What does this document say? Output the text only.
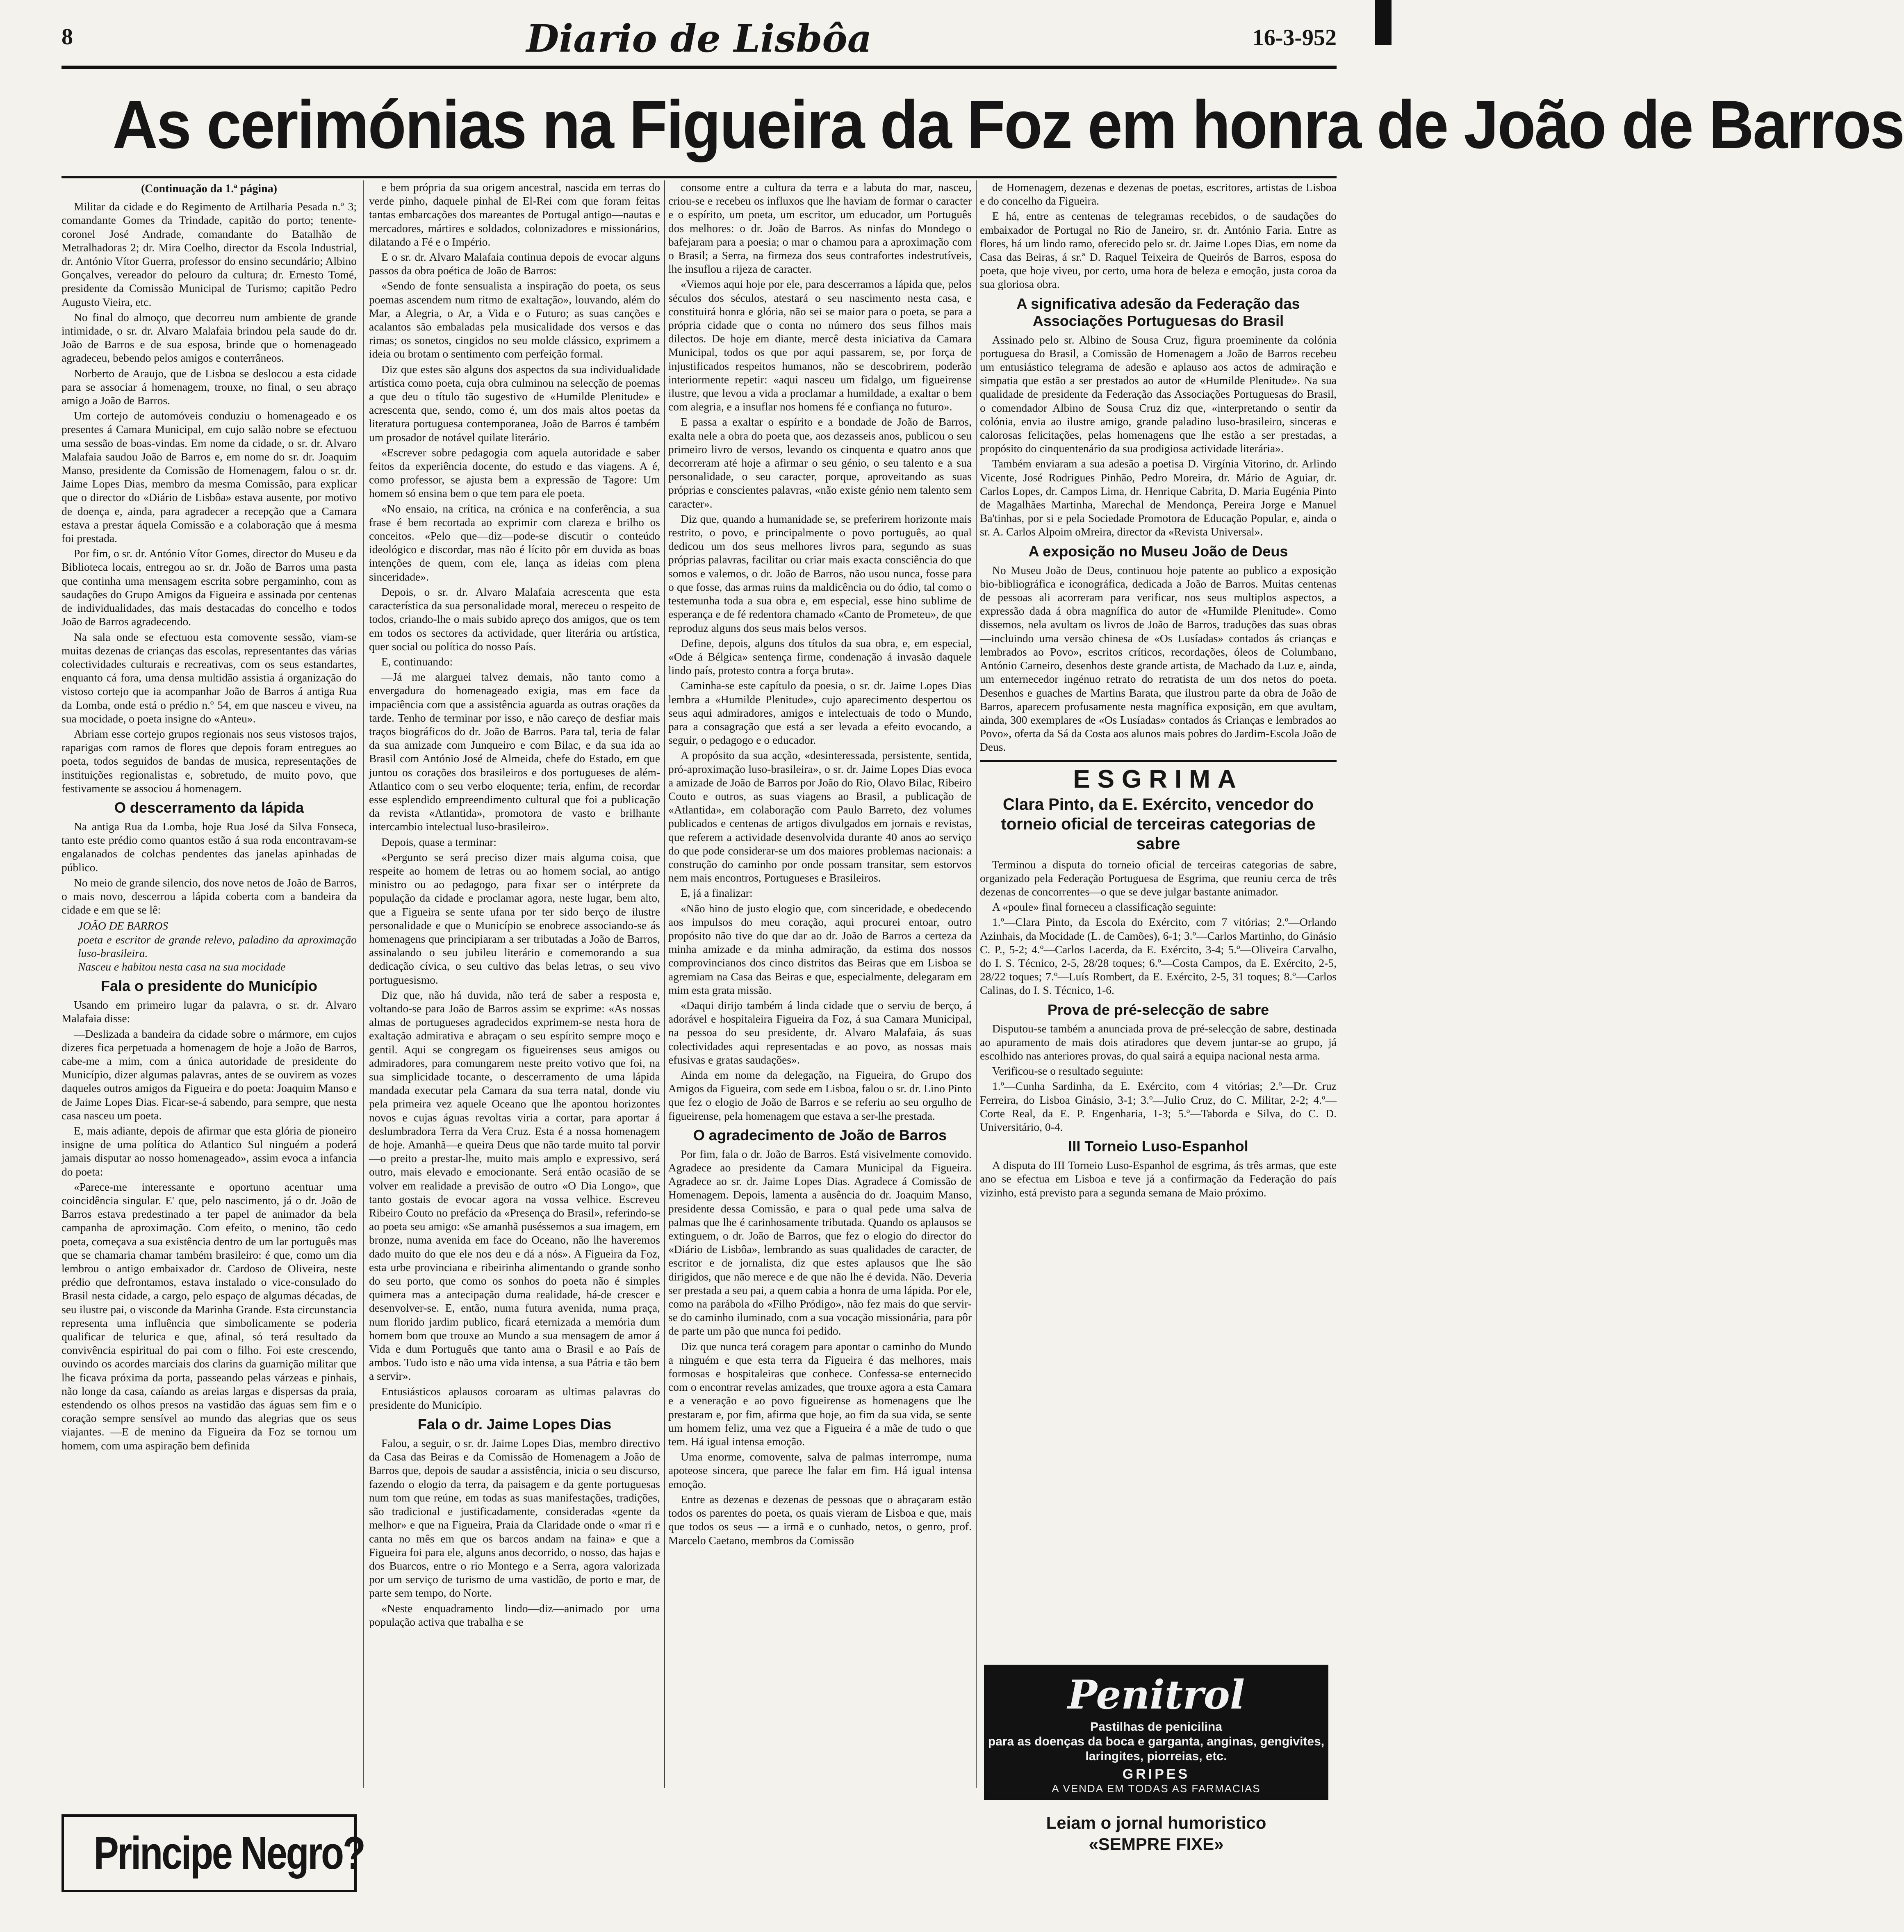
8	Diario de Lisbôa	16-3-952
As cerimónias na Figueira da Foz em honra de João de Barros
(Continuação da 1.ª página)

Militar da cidade e do Regimento de Artilharia Pesada n.º 3; comandante Gomes da Trindade, capitão do porto; tenente-coronel José Andrade, comandante do Batalhão de Metralhadoras 2; dr. Mira Coelho, director da Escola Industrial, dr. António Vítor Guerra, professor do ensino secundário; Albino Gonçalves, vereador do pelouro da cultura; dr. Ernesto Tomé, presidente da Comissão Municipal de Turismo; capitão Pedro Augusto Vieira, etc.

No final do almoço, que decorreu num ambiente de grande intimidade, o sr. dr. Alvaro Malafaia brindou pela saude do dr. João de Barros e de sua esposa, brinde que o homenageado agradeceu, bebendo pelos amigos e conterrâneos.

Norberto de Araujo, que de Lisboa se deslocou a esta cidade para se associar á homenagem, trouxe, no final, o seu abraço amigo a João de Barros.

Um cortejo de automóveis conduziu o homenageado e os presentes á Camara Municipal, em cujo salão nobre se efectuou uma sessão de boas-vindas. Em nome da cidade, o sr. dr. Alvaro Malafaia saudou João de Barros e, em nome do sr. dr. Joaquim Manso, presidente da Comissão de Homenagem, falou o sr. dr. Jaime Lopes Dias, membro da mesma Comissão, para explicar que o director do «Diário de Lisbôa» estava ausente, por motivo de doença e, ainda, para agradecer a recepção que a Camara estava a prestar áquela Comissão e a colaboração que á mesma foi prestada.

Por fim, o sr. dr. António Vítor Gomes, director do Museu e da Biblioteca locais, entregou ao sr. dr. João de Barros uma pasta que continha uma mensagem escrita sobre pergaminho, com as saudações do Grupo Amigos da Figueira e assinada por centenas de individualidades, das mais destacadas do concelho e todos João de Barros agradecendo.

Na sala onde se efectuou esta comovente sessão, viam-se muitas dezenas de crianças das escolas, representantes das várias colectividades culturais e recreativas, com os seus estandartes, enquanto cá fora, uma densa multidão assistia á organização do vistoso cortejo que ia acompanhar João de Barros á antiga Rua da Lomba, onde está o prédio n.º 54, em que nasceu e viveu, na sua mocidade, o poeta insigne do «Anteu».

Abriam esse cortejo grupos regionais nos seus vistosos trajos, raparigas com ramos de flores que depois foram entregues ao poeta, todos seguidos de bandas de musica, representações de instituições regionalistas e, sobretudo, de muito povo, que festivamente se associou á homenagem.

O descerramento da lápida

Na antiga Rua da Lomba, hoje Rua José da Silva Fonseca, tanto este prédio como quantos estão á sua roda encontravam-se engalanados de colchas pendentes das janelas apinhadas de público.

No meio de grande silencio, dos nove netos de João de Barros, o mais novo, descerrou a lápida coberta com a bandeira da cidade e em que se lê:

JOÃO DE BARROS
poeta e escritor de grande relevo, paladino da aproximação luso-brasileira.
Nasceu e habitou nesta casa na sua mocidade
Fala o presidente do Município

Usando em primeiro lugar da palavra, o sr. dr. Alvaro Malafaia disse:

—Deslizada a bandeira da cidade sobre o mármore, em cujos dizeres fica perpetuada a homenagem de hoje a João de Barros, cabe-me a mim, com a única autoridade de presidente do Município, dizer algumas palavras, antes de se ouvirem as vozes daqueles outros amigos da Figueira e do poeta: Joaquim Manso e de Jaime Lopes Dias. Ficar-se-á sabendo, para sempre, que nesta casa nasceu um poeta.

E, mais adiante, depois de afirmar que esta glória de pioneiro insigne de uma política do Atlantico Sul ninguém a poderá jamais disputar ao nosso homenageado», assim evoca a infancia do poeta:

«Parece-me interessante e oportuno acentuar uma coincidência singular. E' que, pelo nascimento, já o dr. João de Barros estava predestinado a ter papel de animador da bela campanha de aproximação. Com efeito, o menino, tão cedo poeta, começava a sua existência dentro de um lar português mas que se chamaria chamar também brasileiro: é que, como um dia lembrou o antigo embaixador dr. Cardoso de Oliveira, neste prédio que defrontamos, estava instalado o vice-consulado do Brasil nesta cidade, a cargo, pelo espaço de algumas décadas, de seu ilustre pai, o visconde da Marinha Grande. Esta circunstancia representa uma influência que simbolicamente se poderia qualificar de telurica e que, afinal, só terá resultado da convivência espiritual do pai com o filho. Foi este crescendo, ouvindo os acordes marciais dos clarins da guarnição militar que lhe ficava próxima da porta, passeando pelas várzeas e pinhais, não longe da casa, caíando as areias largas e dispersas da praia, estendendo os olhos presos na vastidão das águas sem fim e o coração sempre sensível ao mundo das alegrias que os seus viajantes. —E de menino da Figueira da Foz se tornou um homem, com uma aspiração bem definida

e bem própria da sua origem ancestral, nascida em terras do verde pinho, daquele pinhal de El-Rei com que foram feitas tantas embarcações dos mareantes de Portugal antigo—nautas e mercadores, mártires e soldados, colonizadores e missionários, dilatando a Fé e o Império.

E o sr. dr. Alvaro Malafaia continua depois de evocar alguns passos da obra poética de João de Barros:

«Sendo de fonte sensualista a inspiração do poeta, os seus poemas ascendem num ritmo de exaltação», louvando, além do Mar, a Alegria, o Ar, a Vida e o Futuro; as suas canções e acalantos são embaladas pela musicalidade dos versos e das rimas; os sonetos, cingidos no seu molde clássico, exprimem a ideia ou brotam o sentimento com perfeição formal.

Diz que estes são alguns dos aspectos da sua individualidade artística como poeta, cuja obra culminou na selecção de poemas a que deu o título tão sugestivo de «Humilde Plenitude» e acrescenta que, sendo, como é, um dos mais altos poetas da literatura portuguesa contemporanea, João de Barros é também um prosador de notável quilate literário.

«Escrever sobre pedagogia com aquela autoridade e saber feitos da experiência docente, do estudo e das viagens. A é, como professor, se ajusta bem a expressão de Tagore: Um homem só ensina bem o que tem para ele poeta.

«No ensaio, na crítica, na crónica e na conferência, a sua frase é bem recortada ao exprimir com clareza e brilho os conceitos. «Pelo que—diz—pode-se discutir o conteúdo ideológico e discordar, mas não é lícito pôr em duvida as boas intenções de quem, com ele, lança as ideias com plena sinceridade».

Depois, o sr. dr. Alvaro Malafaia acrescenta que esta característica da sua personalidade moral, mereceu o respeito de todos, criando-lhe o mais subido apreço dos amigos, que os tem em todos os sectores da actividade, quer literária ou artística, quer social ou política do nosso País.

E, continuando:

—Já me alarguei talvez demais, não tanto como a envergadura do homenageado exigia, mas em face da impaciência com que a assistência aguarda as outras orações da tarde. Tenho de terminar por isso, e não careço de desfiar mais traços biográficos do dr. João de Barros. Para tal, teria de falar da sua amizade com Junqueiro e com Bilac, e da sua ida ao Brasil com António José de Almeida, chefe do Estado, em que juntou os corações dos brasileiros e dos portugueses de além-Atlantico com o seu verbo eloquente; teria, enfim, de recordar esse esplendido empreendimento cultural que foi a publicação da revista «Atlantida», promotora de vasto e brilhante intercambio intelectual luso-brasileiro».

Depois, quase a terminar:

«Pergunto se será preciso dizer mais alguma coisa, que respeite ao homem de letras ou ao homem social, ao antigo ministro ou ao pedagogo, para fixar ser o intérprete da população da cidade e proclamar agora, neste lugar, bem alto, que a Figueira se sente ufana por ter sido berço de ilustre personalidade e que o Município se enobrece associando-se ás homenagens que principiaram a ser tributadas a João de Barros, assinalando o seu jubileu literário e comemorando a sua dedicação cívica, o seu cultivo das belas letras, o seu vivo portuguesismo.

Diz que, não há duvida, não terá de saber a resposta e, voltando-se para João de Barros assim se exprime: «As nossas almas de portugueses agradecidos exprimem-se nesta hora de exaltação admirativa e abraçam o seu espírito sempre moço e gentil. Aqui se congregam os figueirenses seus amigos ou admiradores, para comungarem neste preito votivo que foi, na sua simplicidade tocante, o descerramento de uma lápida mandada executar pela Camara da sua terra natal, donde viu pela primeira vez aquele Oceano que lhe apontou horizontes novos e cujas águas revoltas viria a cortar, para aportar á deslumbradora Terra da Vera Cruz. Esta é a nossa homenagem de hoje. Amanhã—e queira Deus que não tarde muito tal porvir—o preito a prestar-lhe, muito mais amplo e expressivo, será outro, mais elevado e emocionante. Será então ocasião de se volver em realidade a previsão de outro «O Dia Longo», que tanto gostais de evocar agora na vossa velhice. Escreveu Ribeiro Couto no prefácio da «Presença do Brasil», referindo-se ao poeta seu amigo: «Se amanhã puséssemos a sua imagem, em bronze, numa avenida em face do Oceano, não lhe haveremos dado muito do que ele nos deu e dá a nós». A Figueira da Foz, esta urbe provinciana e ribeirinha alimentando o grande sonho do seu porto, que como os sonhos do poeta não é simples quimera mas a antecipação duma realidade, há-de crescer e desenvolver-se. E, então, numa futura avenida, numa praça, num florido jardim publico, ficará eternizada a memória dum homem bom que trouxe ao Mundo a sua mensagem de amor á Vida e dum Português que tanto ama o Brasil e ao País de ambos. Tudo isto e não uma vida intensa, a sua Pátria e tão bem a servir».

Entusiásticos aplausos coroaram as ultimas palavras do presidente do Município.

Fala o dr. Jaime Lopes Dias

Falou, a seguir, o sr. dr. Jaime Lopes Dias, membro directivo da Casa das Beiras e da Comissão de Homenagem a João de Barros que, depois de saudar a assistência, inicia o seu discurso, fazendo o elogio da terra, da paisagem e da gente portuguesas num tom que reúne, em todas as suas manifestações, tradições, são tradicional e justificadamente, consideradas «gente da melhor» e que na Figueira, Praia da Claridade onde o «mar ri e canta no mês em que os barcos andam na faina» e que a Figueira foi para ele, alguns anos decorrido, o nosso, das hajas e dos Buarcos, entre o rio Montego e a Serra, agora valorizada por um serviço de turismo de uma vastidão, de porto e mar, de parte sem tempo, do Norte.

«Neste enquadramento lindo—diz—animado por uma população activa que trabalha e se

consome entre a cultura da terra e a labuta do mar, nasceu, criou-se e recebeu os influxos que lhe haviam de formar o caracter e o espírito, um poeta, um escritor, um educador, um Português dos melhores: o dr. João de Barros. As ninfas do Mondego o bafejaram para a poesia; o mar o chamou para a aproximação com o Brasil; a Serra, na firmeza dos seus contrafortes indestrutíveis, lhe insuflou a rijeza de caracter.

«Viemos aqui hoje por ele, para descerramos a lápida que, pelos séculos dos séculos, atestará o seu nascimento nesta casa, e constituirá honra e glória, não sei se maior para o poeta, se para a própria cidade que o conta no número dos seus filhos mais dilectos. De hoje em diante, mercê desta iniciativa da Camara Municipal, todos os que por aqui passarem, se, por força de injustificados respeitos humanos, não se descobrirem, poderão interiormente repetir: «aqui nasceu um fidalgo, um figueirense ilustre, que levou a vida a proclamar a humildade, a exaltar o bem com alegria, e a insuflar nos homens fé e confiança no futuro».

E passa a exaltar o espírito e a bondade de João de Barros, exalta nele a obra do poeta que, aos dezasseis anos, publicou o seu primeiro livro de versos, levando os cinquenta e quatro anos que decorreram até hoje a afirmar o seu génio, o seu talento e a sua personalidade, o seu caracter, porque, aproveitando as suas próprias e conscientes palavras, «não existe génio nem talento sem caracter».

Diz que, quando a humanidade se, se preferirem horizonte mais restrito, o povo, e principalmente o povo português, ao qual dedicou um dos seus melhores livros para, segundo as suas próprias palavras, facilitar ou criar mais exacta consciência do que somos e valemos, o dr. João de Barros, não usou nunca, fosse para o que fosse, das armas ruins da maldicência ou do ódio, tal como o testemunha toda a sua obra e, em especial, esse hino sublime de esperança e de fé redentora chamado «Canto de Prometeu», de que reproduz alguns dos seus mais belos versos.

Define, depois, alguns dos títulos da sua obra, e, em especial, «Ode á Bélgica» sentença firme, condenação á invasão daquele lindo país, protesto contra a força bruta».

Caminha-se este capítulo da poesia, o sr. dr. Jaime Lopes Dias lembra a «Humilde Plenitude», cujo aparecimento despertou os seus aqui admiradores, amigos e intelectuais de todo o Mundo, para a consagração que está a ser levada a efeito evocando, a seguir, o pedagogo e o educador.

A propósito da sua acção, «desinteressada, persistente, sentida, pró-aproximação luso-brasileira», o sr. dr. Jaime Lopes Dias evoca a amizade de João de Barros por João do Rio, Olavo Bilac, Ribeiro Couto e outros, as suas viagens ao Brasil, a publicação de «Atlantida», em colaboração com Paulo Barreto, dez volumes publicados e centenas de artigos divulgados em jornais e revistas, que referem a actividade desenvolvida durante 40 anos ao serviço do que pode considerar-se um dos maiores problemas nacionais: a construção do caminho por onde possam transitar, sem estorvos nem mais encontros, Portugueses e Brasileiros.

E, já a finalizar:

«Não hino de justo elogio que, com sinceridade, e obedecendo aos impulsos do meu coração, aqui procurei entoar, outro propósito não tive do que dar ao dr. João de Barros a certeza da minha amizade e da minha admiração, da estima dos nossos comprovincianos dos cinco distritos das Beiras que em Lisboa se agremiam na Casa das Beiras e que, especialmente, delegaram em mim esta grata missão.

«Daqui dirijo também á linda cidade que o serviu de berço, á adorável e hospitaleira Figueira da Foz, á sua Camara Municipal, na pessoa do seu presidente, dr. Alvaro Malafaia, ás suas colectividades aqui representadas e ao povo, as nossas mais efusivas e gratas saudações».

Ainda em nome da delegação, na Figueira, do Grupo dos Amigos da Figueira, com sede em Lisboa, falou o sr. dr. Lino Pinto que fez o elogio de João de Barros e se referiu ao seu orgulho de figueirense, pela homenagem que estava a ser-lhe prestada.

O agradecimento de João de Barros

Por fim, fala o dr. João de Barros. Está visivelmente comovido. Agradece ao presidente da Camara Municipal da Figueira. Agradece ao sr. dr. Jaime Lopes Dias. Agradece á Comissão de Homenagem. Depois, lamenta a ausência do dr. Joaquim Manso, presidente dessa Comissão, e para o qual pede uma salva de palmas que lhe é carinhosamente tributada. Quando os aplausos se extinguem, o dr. João de Barros, que fez o elogio do director do «Diário de Lisbôa», lembrando as suas qualidades de caracter, de escritor e de jornalista, diz que estes aplausos que lhe são dirigidos, que não merece e de que não lhe é devida. Não. Deveria ser prestada a seu pai, a quem cabia a honra de uma lápida. Por ele, como na parábola do «Filho Pródigo», não fez mais do que servir-se do caminho iluminado, com a sua vocação missionária, para pôr de parte um pão que nunca foi pedido.

Diz que nunca terá coragem para apontar o caminho do Mundo a ninguém e que esta terra da Figueira é das melhores, mais formosas e hospitaleiras que conhece. Confessa-se enternecido com o encontrar revelas amizades, que trouxe agora a esta Camara e a veneração e ao povo figueirense as homenagens que lhe prestaram e, por fim, afirma que hoje, ao fim da sua vida, se sente um homem feliz, uma vez que a Figueira é a mãe de tudo o que tem. Há igual intensa emoção.

Uma enorme, comovente, salva de palmas interrompe, numa apoteose sincera, que parece lhe falar em fim. Há igual intensa emoção.

Entre as dezenas e dezenas de pessoas que o abraçaram estão todos os parentes do poeta, os quais vieram de Lisboa e que, mais que todos os seus — a irmã e o cunhado, netos, o genro, prof. Marcelo Caetano, membros da Comissão

de Homenagem, dezenas e dezenas de poetas, escritores, artistas de Lisboa e do concelho da Figueira.

E há, entre as centenas de telegramas recebidos, o de saudações do embaixador de Portugal no Rio de Janeiro, sr. dr. António Faria. Entre as flores, há um lindo ramo, oferecido pelo sr. dr. Jaime Lopes Dias, em nome da Casa das Beiras, á sr.ª D. Raquel Teixeira de Queirós de Barros, esposa do poeta, que hoje viveu, por certo, uma hora de beleza e emoção, justa coroa da sua gloriosa obra.

A significativa adesão da Federação das Associações Portuguesas do Brasil

Assinado pelo sr. Albino de Sousa Cruz, figura proeminente da colónia portuguesa do Brasil, a Comissão de Homenagem a João de Barros recebeu um entusiástico telegrama de adesão e aplauso aos actos de admiração e simpatia que estão a ser prestados ao autor de «Humilde Plenitude». Na sua qualidade de presidente da Federação das Associações Portuguesas do Brasil, o comendador Albino de Sousa Cruz diz que, «interpretando o sentir da colónia, envia ao ilustre amigo, grande paladino luso-brasileiro, sinceras e calorosas felicitações, pelas homenagens que lhe estão a ser prestadas, a propósito do cinquentenário da sua prodigiosa actividade literária».

Também enviaram a sua adesão a poetisa D. Virgínia Vitorino, dr. Arlindo Vicente, José Rodrigues Pinhão, Pedro Moreira, dr. Mário de Aguiar, dr. Carlos Lopes, dr. Campos Lima, dr. Henrique Cabrita, D. Maria Eugénia Pinto de Magalhães Martinha, Marechal de Mendonça, Pereira Jorge e Manuel Ba'tinhas, por si e pela Sociedade Promotora de Educação Popular, e, ainda o sr. A. Carlos Alpoim oMreira, director da «Revista Universal».

A exposição no Museu João de Deus

No Museu João de Deus, continuou hoje patente ao publico a exposição bio-bibliográfica e iconográfica, dedicada a João de Barros. Muitas centenas de pessoas ali acorreram para verificar, nos seus multiplos aspectos, a expressão dada á obra magnífica do autor de «Humilde Plenitude». Como dissemos, nela avultam os livros de João de Barros, traduções das suas obras—incluindo uma versão chinesa de «Os Lusíadas» contados ás crianças e lembrados ao Povo», escritos críticos, recordações, óleos de Columbano, António Carneiro, desenhos deste grande artista, de Machado da Luz e, ainda, um enternecedor ingénuo retrato do retratista de um dos netos do poeta. Desenhos e guaches de Martins Barata, que ilustrou parte da obra de João de Barros, aparecem profusamente nesta magnífica exposição, em que avultam, ainda, 300 exemplares de «Os Lusíadas» contados ás Crianças e lembrados ao Povo», oferta da Sá da Costa aos alunos mais pobres do Jardim-Escola João de Deus.

ESGRIMA
Clara Pinto, da E. Exército, vencedor do torneio oficial de terceiras categorias de sabre

Terminou a disputa do torneio oficial de terceiras categorias de sabre, organizado pela Federação Portuguesa de Esgrima, que reuniu cerca de três dezenas de concorrentes—o que se deve julgar bastante animador.

A «poule» final forneceu a classificação seguinte:

1.º—Clara Pinto, da Escola do Exército, com 7 vitórias; 2.º—Orlando Azinhais, da Mocidade (L. de Camões), 6-1; 3.º—Carlos Martinho, do Ginásio C. P., 5-2; 4.º—Carlos Lacerda, da E. Exército, 3-4; 5.º—Oliveira Carvalho, do I. S. Técnico, 2-5, 28/28 toques; 6.º—Costa Campos, da E. Exército, 2-5, 28/22 toques; 7.º—Luís Rombert, da E. Exército, 2-5, 31 toques; 8.º—Carlos Calinas, do I. S. Técnico, 1-6.

Prova de pré-selecção de sabre

Disputou-se também a anunciada prova de pré-selecção de sabre, destinada ao apuramento de mais dois atiradores que devem juntar-se ao grupo, já escolhido nas anteriores provas, do qual sairá a equipa nacional nesta arma.

Verificou-se o resultado seguinte:

1.º—Cunha Sardinha, da E. Exército, com 4 vitórias; 2.º—Dr. Cruz Ferreira, do Lisboa Ginásio, 3-1; 3.º—Julio Cruz, do C. Militar, 2-2; 4.º—Corte Real, da E. P. Engenharia, 1-3; 5.º—Taborda e Silva, do C. D. Universitário, 0-4.

III Torneio Luso-Espanhol

A disputa do III Torneio Luso-Espanhol de esgrima, ás três armas, que este ano se efectua em Lisboa e teve já a confirmação da Federação do país vizinho, está previsto para a segunda semana de Maio próximo.

Principe Negro?
Penitrol
Pastilhas de penicilina
para as doenças da boca e garganta, anginas, gengivites, laringites, piorreias, etc.
GRIPES
A VENDA EM TODAS AS FARMACIAS
Leiam o jornal humoristico
«SEMPRE FIXE»
